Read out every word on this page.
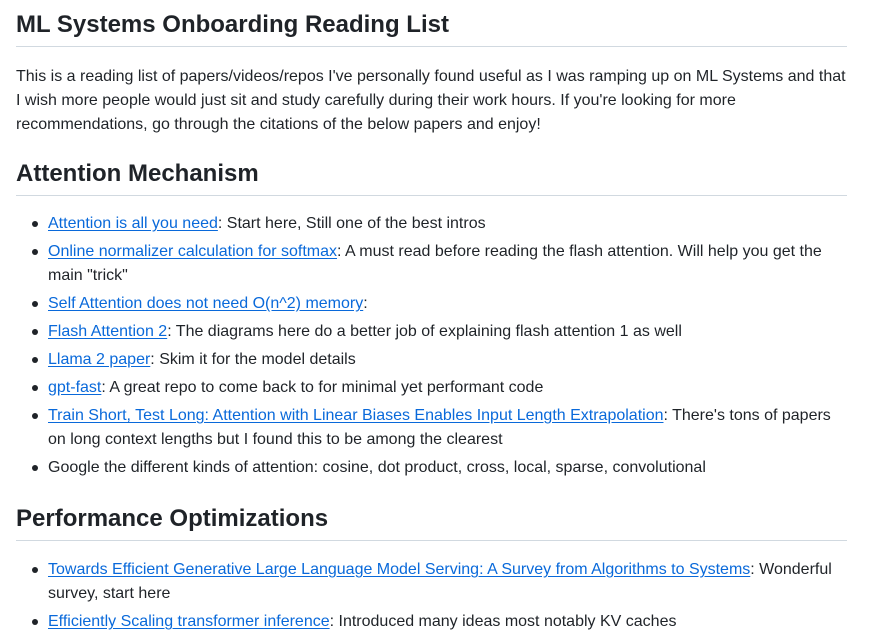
ML Systems Onboarding Reading List

This is a reading list of papers/videos/repos I've personally found useful as I was ramping up on ML Systems and that I wish more people would just sit and study carefully during their work hours. If you're looking for more recommendations, go through the citations of the below papers and enjoy!

Attention Mechanism
Attention is all you need: Start here, Still one of the best intros
Online normalizer calculation for softmax: A must read before reading the flash attention. Will help you get the main "trick"
Self Attention does not need O(n^2) memory:
Flash Attention 2: The diagrams here do a better job of explaining flash attention 1 as well
Llama 2 paper: Skim it for the model details
gpt-fast: A great repo to come back to for minimal yet performant code
Train Short, Test Long: Attention with Linear Biases Enables Input Length Extrapolation: There's tons of papers on long context lengths but I found this to be among the clearest
Google the different kinds of attention: cosine, dot product, cross, local, sparse, convolutional
Performance Optimizations
Towards Efficient Generative Large Language Model Serving: A Survey from Algorithms to Systems: Wonderful survey, start here
Efficiently Scaling transformer inference: Introduced many ideas most notably KV caches
